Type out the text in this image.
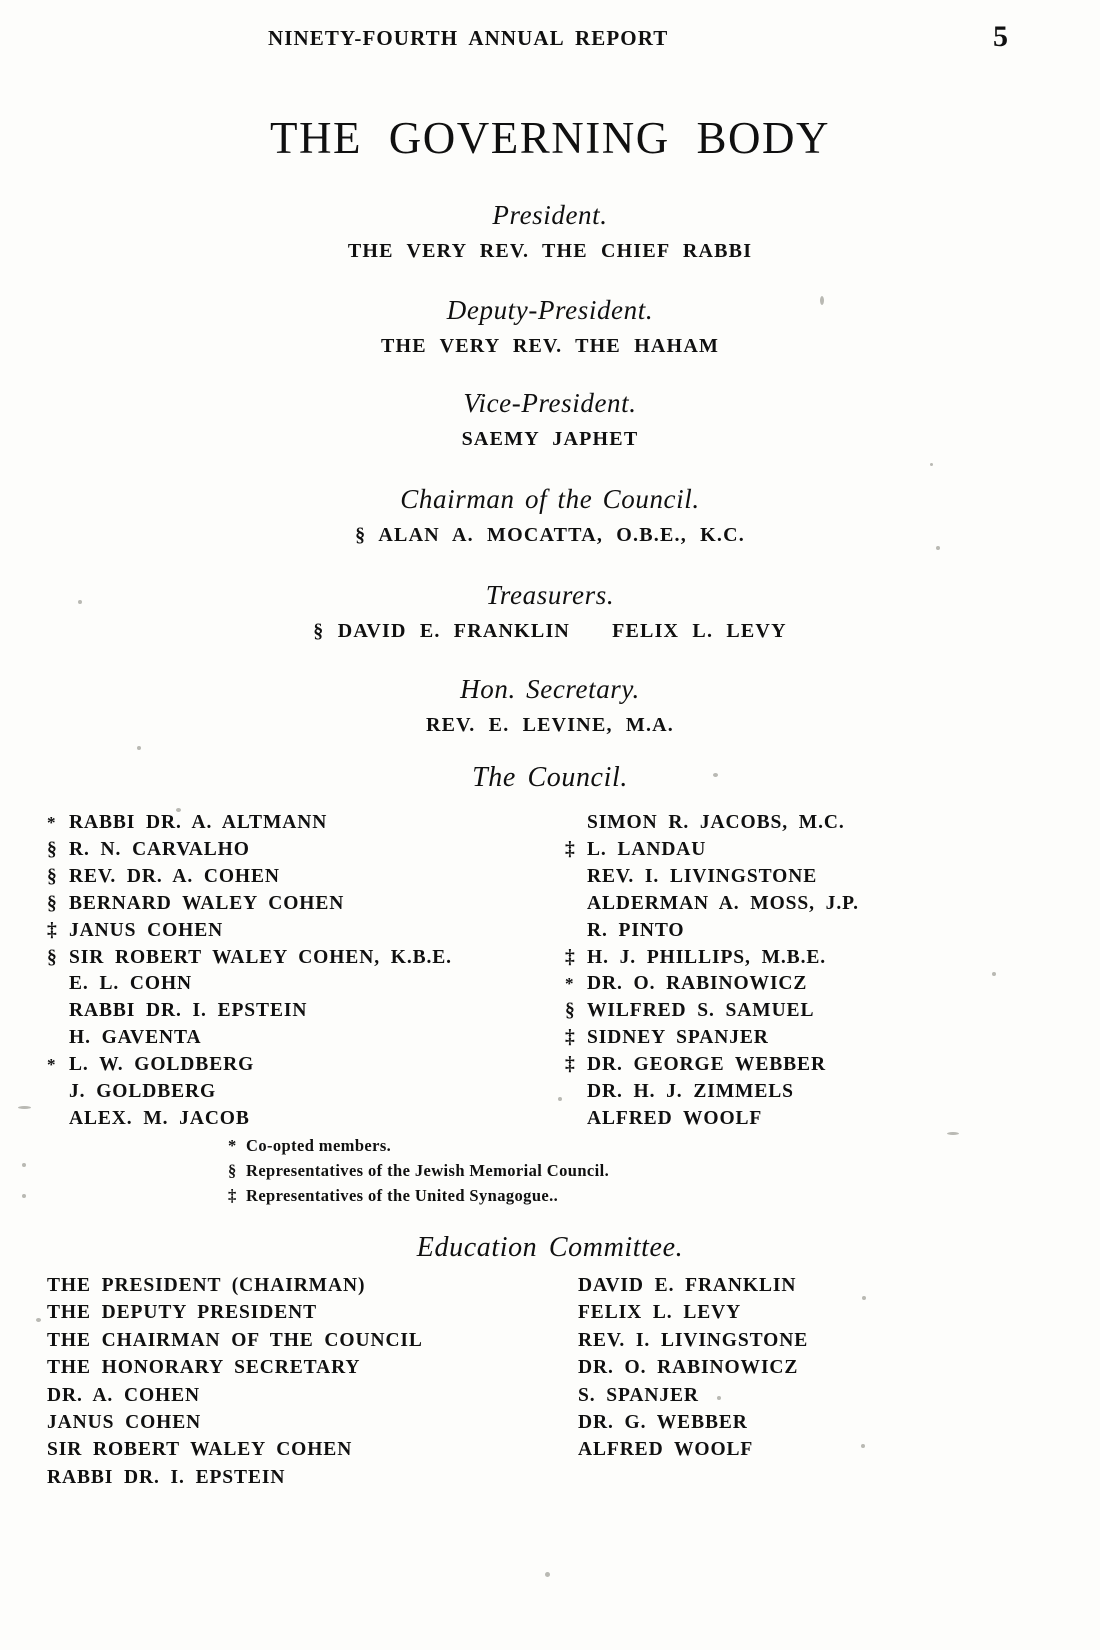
NINETY-FOURTH ANNUAL REPORT	5
THE GOVERNING BODY

President.

THE VERY REV. THE CHIEF RABBI

Deputy-President.

THE VERY REV. THE HAHAM

Vice-President.

SAEMY JAPHET

Chairman of the Council.

§ ALAN A. MOCATTA, O.B.E., K.C.

Treasurers.

§ DAVID E. FRANKLIN FELIX L. LEVY

Hon. Secretary.

REV. E. LEVINE, M.A.

The Council.
* RABBI DR. A. ALTMANN
§ R. N. CARVALHO
§ REV. DR. A. COHEN
§ BERNARD WALEY COHEN
‡ JANUS COHEN
§ SIR ROBERT WALEY COHEN, K.B.E.
E. L. COHN
RABBI DR. I. EPSTEIN
H. GAVENTA
* L. W. GOLDBERG
J. GOLDBERG
ALEX. M. JACOB
SIMON R. JACOBS, M.C.
‡ L. LANDAU
REV. I. LIVINGSTONE
ALDERMAN A. MOSS, J.P.
R. PINTO
‡ H. J. PHILLIPS, M.B.E.
* DR. O. RABINOWICZ
§ WILFRED S. SAMUEL
‡ SIDNEY SPANJER
‡ DR. GEORGE WEBBER
DR. H. J. ZIMMELS
ALFRED WOOLF
* Co-opted members.
§ Representatives of the Jewish Memorial Council.
‡ Representatives of the United Synagogue..
Education Committee.
THE PRESIDENT (CHAIRMAN)
THE DEPUTY PRESIDENT
THE CHAIRMAN OF THE COUNCIL
THE HONORARY SECRETARY
DR. A. COHEN
JANUS COHEN
SIR ROBERT WALEY COHEN
RABBI DR. I. EPSTEIN
DAVID E. FRANKLIN
FELIX L. LEVY
REV. I. LIVINGSTONE
DR. O. RABINOWICZ
S. SPANJER
DR. G. WEBBER
ALFRED WOOLF
